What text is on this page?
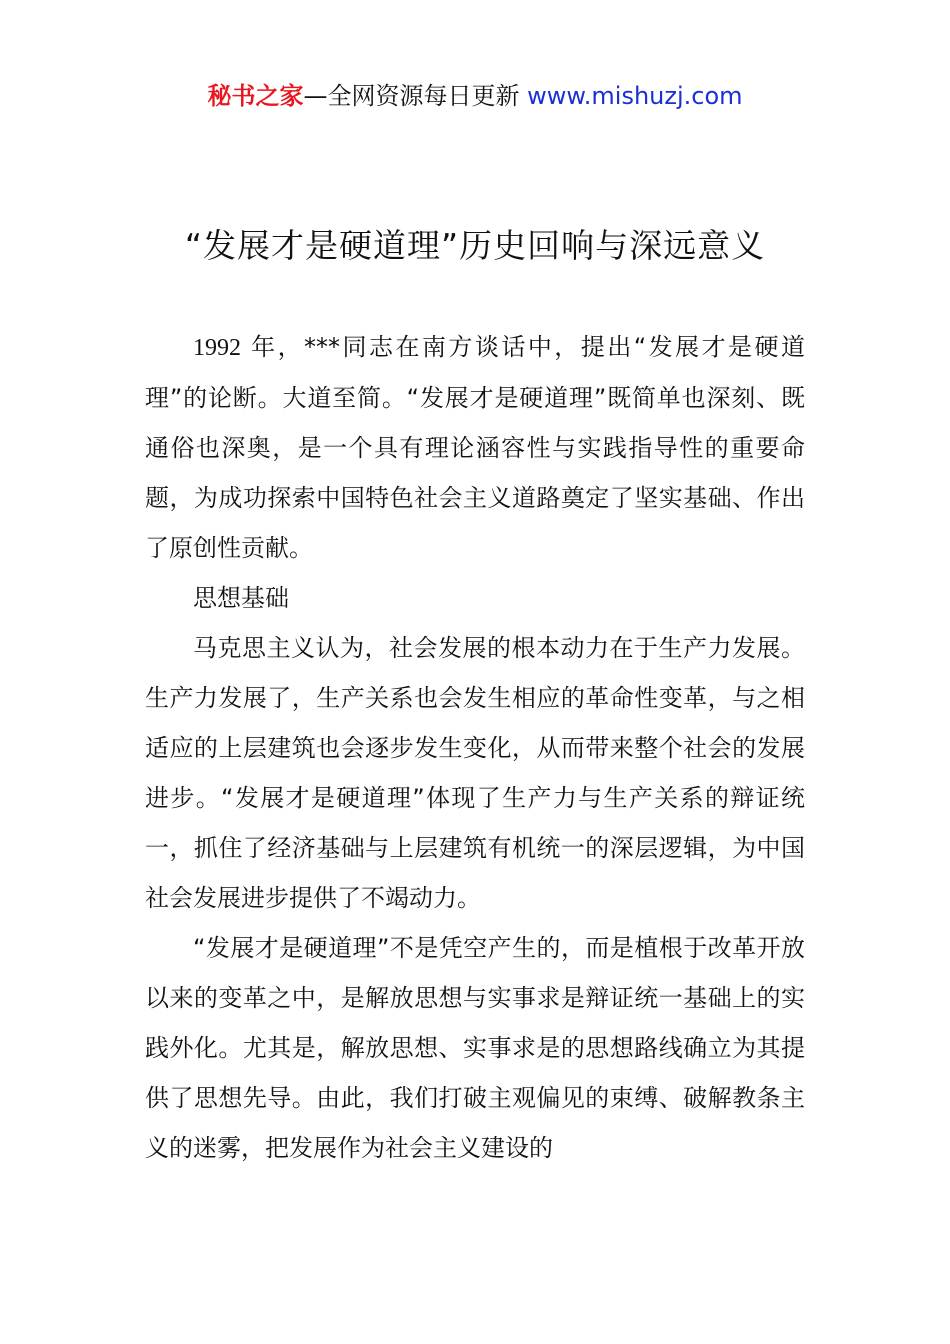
秘书之家—全网资源每日更新 www.mishuzj.com
“发展才是硬道理”历史回响与深远意义

1992 年，***同志在南方谈话中，提出“发展才是硬道理”的论断。大道至简。“发展才是硬道理”既简单也深刻、既通俗也深奥，是一个具有理论涵容性与实践指导性的重要命题，为成功探索中国特色社会主义道路奠定了坚实基础、作出了原创性贡献。

思想基础

马克思主义认为，社会发展的根本动力在于生产力发展。生产力发展了，生产关系也会发生相应的革命性变革，与之相适应的上层建筑也会逐步发生变化，从而带来整个社会的发展进步。“发展才是硬道理”体现了生产力与生产关系的辩证统一，抓住了经济基础与上层建筑有机统一的深层逻辑，为中国社会发展进步提供了不竭动力。

“发展才是硬道理”不是凭空产生的，而是植根于改革开放以来的变革之中，是解放思想与实事求是辩证统一基础上的实践外化。尤其是，解放思想、实事求是的思想路线确立为其提供了思想先导。由此，我们打破主观偏见的束缚、破解教条主义的迷雾，把发展作为社会主义建设的
